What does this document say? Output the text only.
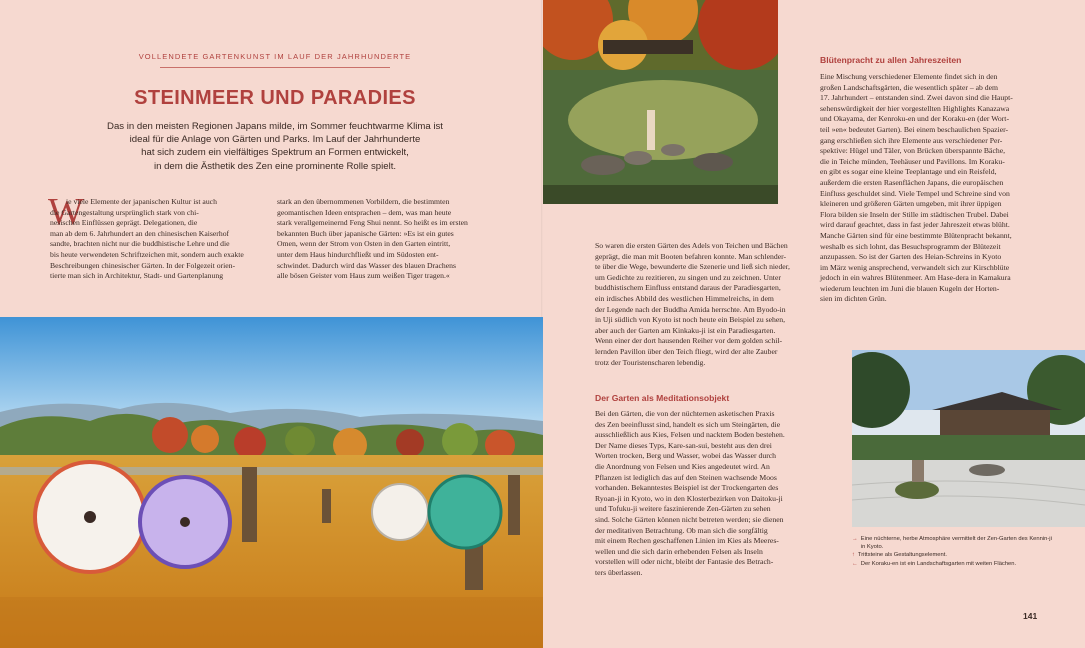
VOLLENDETE GARTENKUNST IM LAUF DER JAHRHUNDERTE
STEINMEER UND PARADIES

Das in den meisten Regionen Japans milde, im Sommer feuchtwarme Klima ist
ideal für die Anlage von Gärten und Parks. Im Lauf der Jahrhunderte
hat sich zudem ein vielfältiges Spektrum an Formen entwickelt,
in dem die Ästhetik des Zen eine prominente Rolle spielt.

W

ie viele Elemente der japanischen Kultur ist auch
die Gartengestaltung ursprünglich stark von chi-
nesischen Einflüssen geprägt. Delegationen, die
man ab dem 6. Jahrhundert an den chinesischen Kaiserhof
sandte, brachten nicht nur die buddhistische Lehre und die
bis heute verwendeten Schriftzeichen mit, sondern auch exakte
Beschreibungen chinesischer Gärten. In der Folgezeit orien-
tierte man sich in Architektur, Stadt- und Gartenplanung

stark an den übernommenen Vorbildern, die bestimmten
geomantischen Ideen entsprachen – dem, was man heute
stark verallgemeinernd Feng Shui nennt. So heißt es im ersten
bekannten Buch über japanische Gärten: »Es ist ein gutes
Omen, wenn der Strom von Osten in den Garten eintritt,
unter dem Haus hindurchfließt und im Südosten ent-
schwindet. Dadurch wird das Wasser des blauen Drachens
alle bösen Geister vom Haus zum weißen Tiger tragen.«

So waren die ersten Gärten des Adels von Teichen und Bächen
geprägt, die man mit Booten befahren konnte. Man schlender-
te über die Wege, bewunderte die Szenerie und ließ sich nieder,
um Gedichte zu rezitieren, zu singen und zu zeichnen. Unter
buddhistischem Einfluss entstand daraus der Paradiesgarten,
ein irdisches Abbild des westlichen Himmelreichs, in dem
der Legende nach der Buddha Amida herrschte. Am Byodo-in
in Uji südlich von Kyoto ist noch heute ein Beispiel zu sehen,
aber auch der Garten am Kinkaku-ji ist ein Paradiesgarten.
Wenn einer der dort hausenden Reiher vor dem golden schil-
lernden Pavillon über den Teich fliegt, wird der alte Zauber
trotz der Touristenscharen lebendig.

Der Garten als Meditationsobjekt

Bei den Gärten, die von der nüchternen asketischen Praxis
des Zen beeinflusst sind, handelt es sich um Steingärten, die
ausschließlich aus Kies, Felsen und nacktem Boden bestehen.
Der Name dieses Typs, Kare-san-sui, besteht aus den drei
Worten trocken, Berg und Wasser, wobei das Wasser durch
die Anordnung von Felsen und Kies angedeutet wird. An
Pflanzen ist lediglich das auf den Steinen wachsende Moos
vorhanden. Bekanntestes Beispiel ist der Trockengarten des
Ryoan-ji in Kyoto, wo in den Klosterbezirken von Daitoku-ji
und Tofuku-ji weitere faszinierende Zen-Gärten zu sehen
sind. Solche Gärten können nicht betreten werden; sie dienen
der meditativen Betrachtung. Ob man sich die sorgfältig
mit einem Rechen geschaffenen Linien im Kies als Meeres-
wellen und die sich darin erhebenden Felsen als Inseln
vorstellen will oder nicht, bleibt der Fantasie des Betrach-
ters überlassen.

Blütenpracht zu allen Jahreszeiten

Eine Mischung verschiedener Elemente findet sich in den
großen Landschaftsgärten, die wesentlich später – ab dem
17. Jahrhundert – entstanden sind. Zwei davon sind die Haupt-
sehenswürdigkeit der hier vorgestellten Highlights Kanazawa
und Okayama, der Kenroku-en und der Koraku-en (der Wort-
teil »en« bedeutet Garten). Bei einem beschaulichen Spazier-
gang erschließen sich ihre Elemente aus verschiedener Per-
spektive: Hügel und Täler, von Brücken überspannte Bäche,
die in Teiche münden, Teehäuser und Pavillons. Im Koraku-
en gibt es sogar eine kleine Teeplantage und ein Reisfeld,
außerdem die ersten Rasenflächen Japans, die europäischen
Einfluss geschuldet sind. Viele Tempel und Schreine sind von
kleineren und größeren Gärten umgeben, mit ihrer üppigen
Flora bilden sie Inseln der Stille im städtischen Trubel. Dabei
wird darauf geachtet, dass in fast jeder Jahreszeit etwas blüht.
Manche Gärten sind für eine bestimmte Blütenpracht bekannt,
weshalb es sich lohnt, das Besuchsprogramm der Blütezeit
anzupassen. So ist der Garten des Heian-Schreins in Kyoto
im März wenig ansprechend, verwandelt sich zur Kirschblüte
jedoch in ein wahres Blütenmeer. Am Hase-dera in Kamakura
wiederum leuchten im Juni die blauen Kugeln der Horten-
sien im dichten Grün.

→ Eine nüchterne, herbe Atmosphäre vermittelt der Zen-Garten des Kennin-ji in Kyoto.
↑ Trittsteine als Gestaltungselement.
← Der Koraku-en ist ein Landschaftsgarten mit weiten Flächen.
141
